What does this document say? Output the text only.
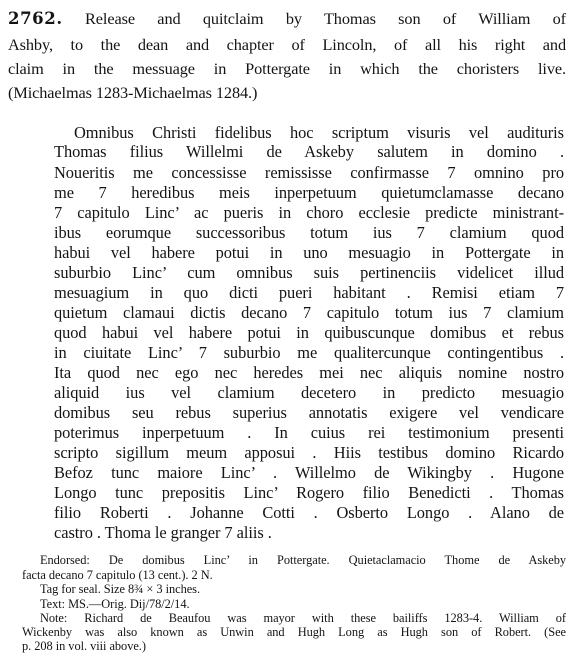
2762. Release and quitclaim by Thomas son of William of
Ashby, to the dean and chapter of Lincoln, of all his right and
claim in the messuage in Pottergate in which the choristers live.
(Michaelmas 1283-Michaelmas 1284.)
Omnibus Christi fidelibus hoc scriptum visuris vel audituris
Thomas filius Willelmi de Askeby salutem in domino .
Noueritis me concessisse remississe confirmasse 7 omnino pro
me 7 heredibus meis inperpetuum quietumclamasse decano
7 capitulo Linc’ ac pueris in choro ecclesie predicte ministrant-
ibus eorumque successoribus totum ius 7 clamium quod
habui vel habere potui in uno mesuagio in Pottergate in
suburbio Linc’ cum omnibus suis pertinenciis videlicet illud
mesuagium in quo dicti pueri habitant . Remisi etiam 7
quietum clamaui dictis decano 7 capitulo totum ius 7 clamium
quod habui vel habere potui in quibuscunque domibus et rebus
in ciuitate Linc’ 7 suburbio me qualitercunque contingentibus .
Ita quod nec ego nec heredes mei nec aliquis nomine nostro
aliquid ius vel clamium decetero in predicto mesuagio
domibus seu rebus superius annotatis exigere vel vendicare
poterimus inperpetuum . In cuius rei testimonium presenti
scripto sigillum meum apposui . Hiis testibus domino Ricardo
Befoz tunc maiore Linc’ . Willelmo de Wikingby . Hugone
Longo tunc prepositis Linc’ Rogero filio Benedicti . Thomas
filio Roberti . Johanne Cotti . Osberto Longo . Alano de
castro . Thoma le granger 7 aliis .
Endorsed: De domibus Linc’ in Pottergate. Quietaclamacio Thome de Askeby
facta decano 7 capitulo (13 cent.). 2 N.
Tag for seal. Size 8¾ × 3 inches.
Text: MS.—Orig. Dij/78/2/14.
Note: Richard de Beaufou was mayor with these bailiffs 1283-4. William of
Wickenby was also known as Unwin and Hugh Long as Hugh son of Robert. (See
p. 208 in vol. viii above.)
